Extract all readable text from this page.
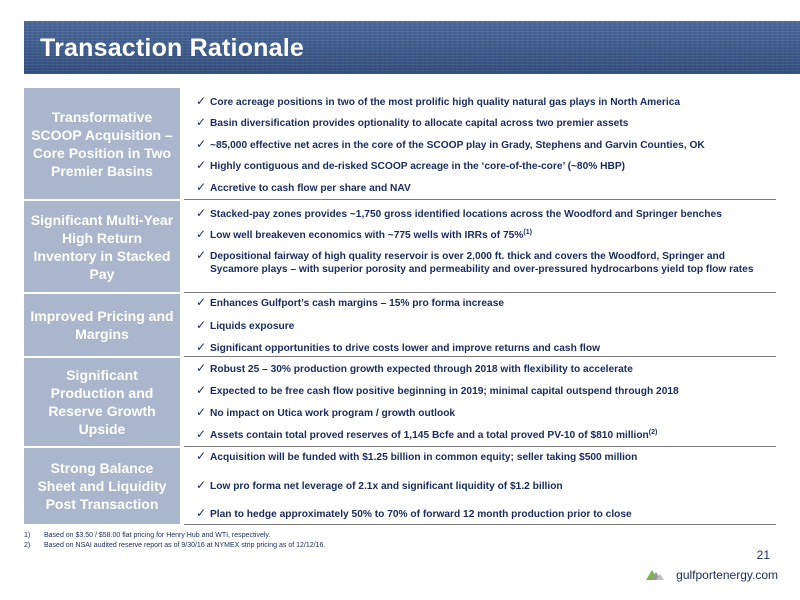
Transaction Rationale
Transformative SCOOP Acquisition – Core Position in Two Premier Basins
✓ Core acreage positions in two of the most prolific high quality natural gas plays in North America
✓ Basin diversification provides optionality to allocate capital across two premier assets
✓ ~85,000 effective net acres in the core of the SCOOP play in Grady, Stephens and Garvin Counties, OK
✓ Highly contiguous and de-risked SCOOP acreage in the ‘core-of-the-core’ (~80% HBP)
✓ Accretive to cash flow per share and NAV
Significant Multi-Year High Return Inventory in Stacked Pay
✓ Stacked-pay zones provides ~1,750 gross identified locations across the Woodford and Springer benches
✓ Low well breakeven economics with ~775 wells with IRRs of 75%$^{(1)}$
✓ Depositional fairway of high quality reservoir is over 2,000 ft. thick and covers the Woodford, Springer and Sycamore plays – with superior porosity and permeability and over-pressured hydrocarbons yield top flow rates
Improved Pricing and Margins
✓ Enhances Gulfport’s cash margins – 15% pro forma increase
✓ Liquids exposure
✓ Significant opportunities to drive costs lower and improve returns and cash flow
Significant Production and Reserve Growth Upside
✓ Robust 25 – 30% production growth expected through 2018 with flexibility to accelerate
✓ Expected to be free cash flow positive beginning in 2019; minimal capital outspend through 2018
✓ No impact on Utica work program / growth outlook
✓ Assets contain total proved reserves of 1,145 Bcfe and a total proved PV-10 of $810 million$^{(2)}$
Strong Balance Sheet and Liquidity Post Transaction
✓ Acquisition will be funded with $1.25 billion in common equity; seller taking $500 million
✓ Low pro forma net leverage of 2.1x and significant liquidity of $1.2 billion
✓ Plan to hedge approximately 50% to 70% of forward 12 month production prior to close
1)	Based on $3.50 / $58.00 flat pricing for Henry Hub and WTI, respectively.
2)	Based on NSAI audited reserve report as of 9/30/16 at NYMEX strip pricing as of 12/12/16.
21
gulfportenergy.com
